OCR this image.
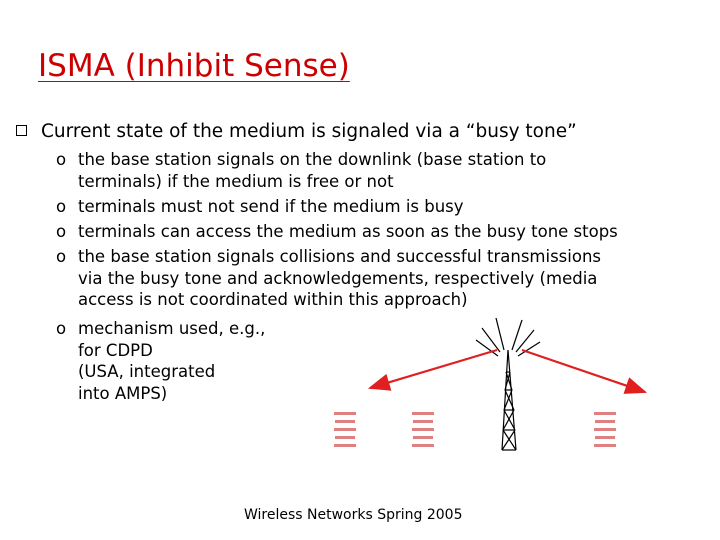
ISMA (Inhibit Sense)
Current state of the medium is signaled via a “busy tone”
o the base station signals on the downlink (base station to
terminals) if the medium is free or not
o terminals must not send if the medium is busy
o terminals can access the medium as soon as the busy tone stops
o the base station signals collisions and successful transmissions
via the busy tone and acknowledgements, respectively (media
access is not coordinated within this approach)
o mechanism used, e.g.,
for CDPD
(USA, integrated
into AMPS)
Wireless Networks Spring 2005
